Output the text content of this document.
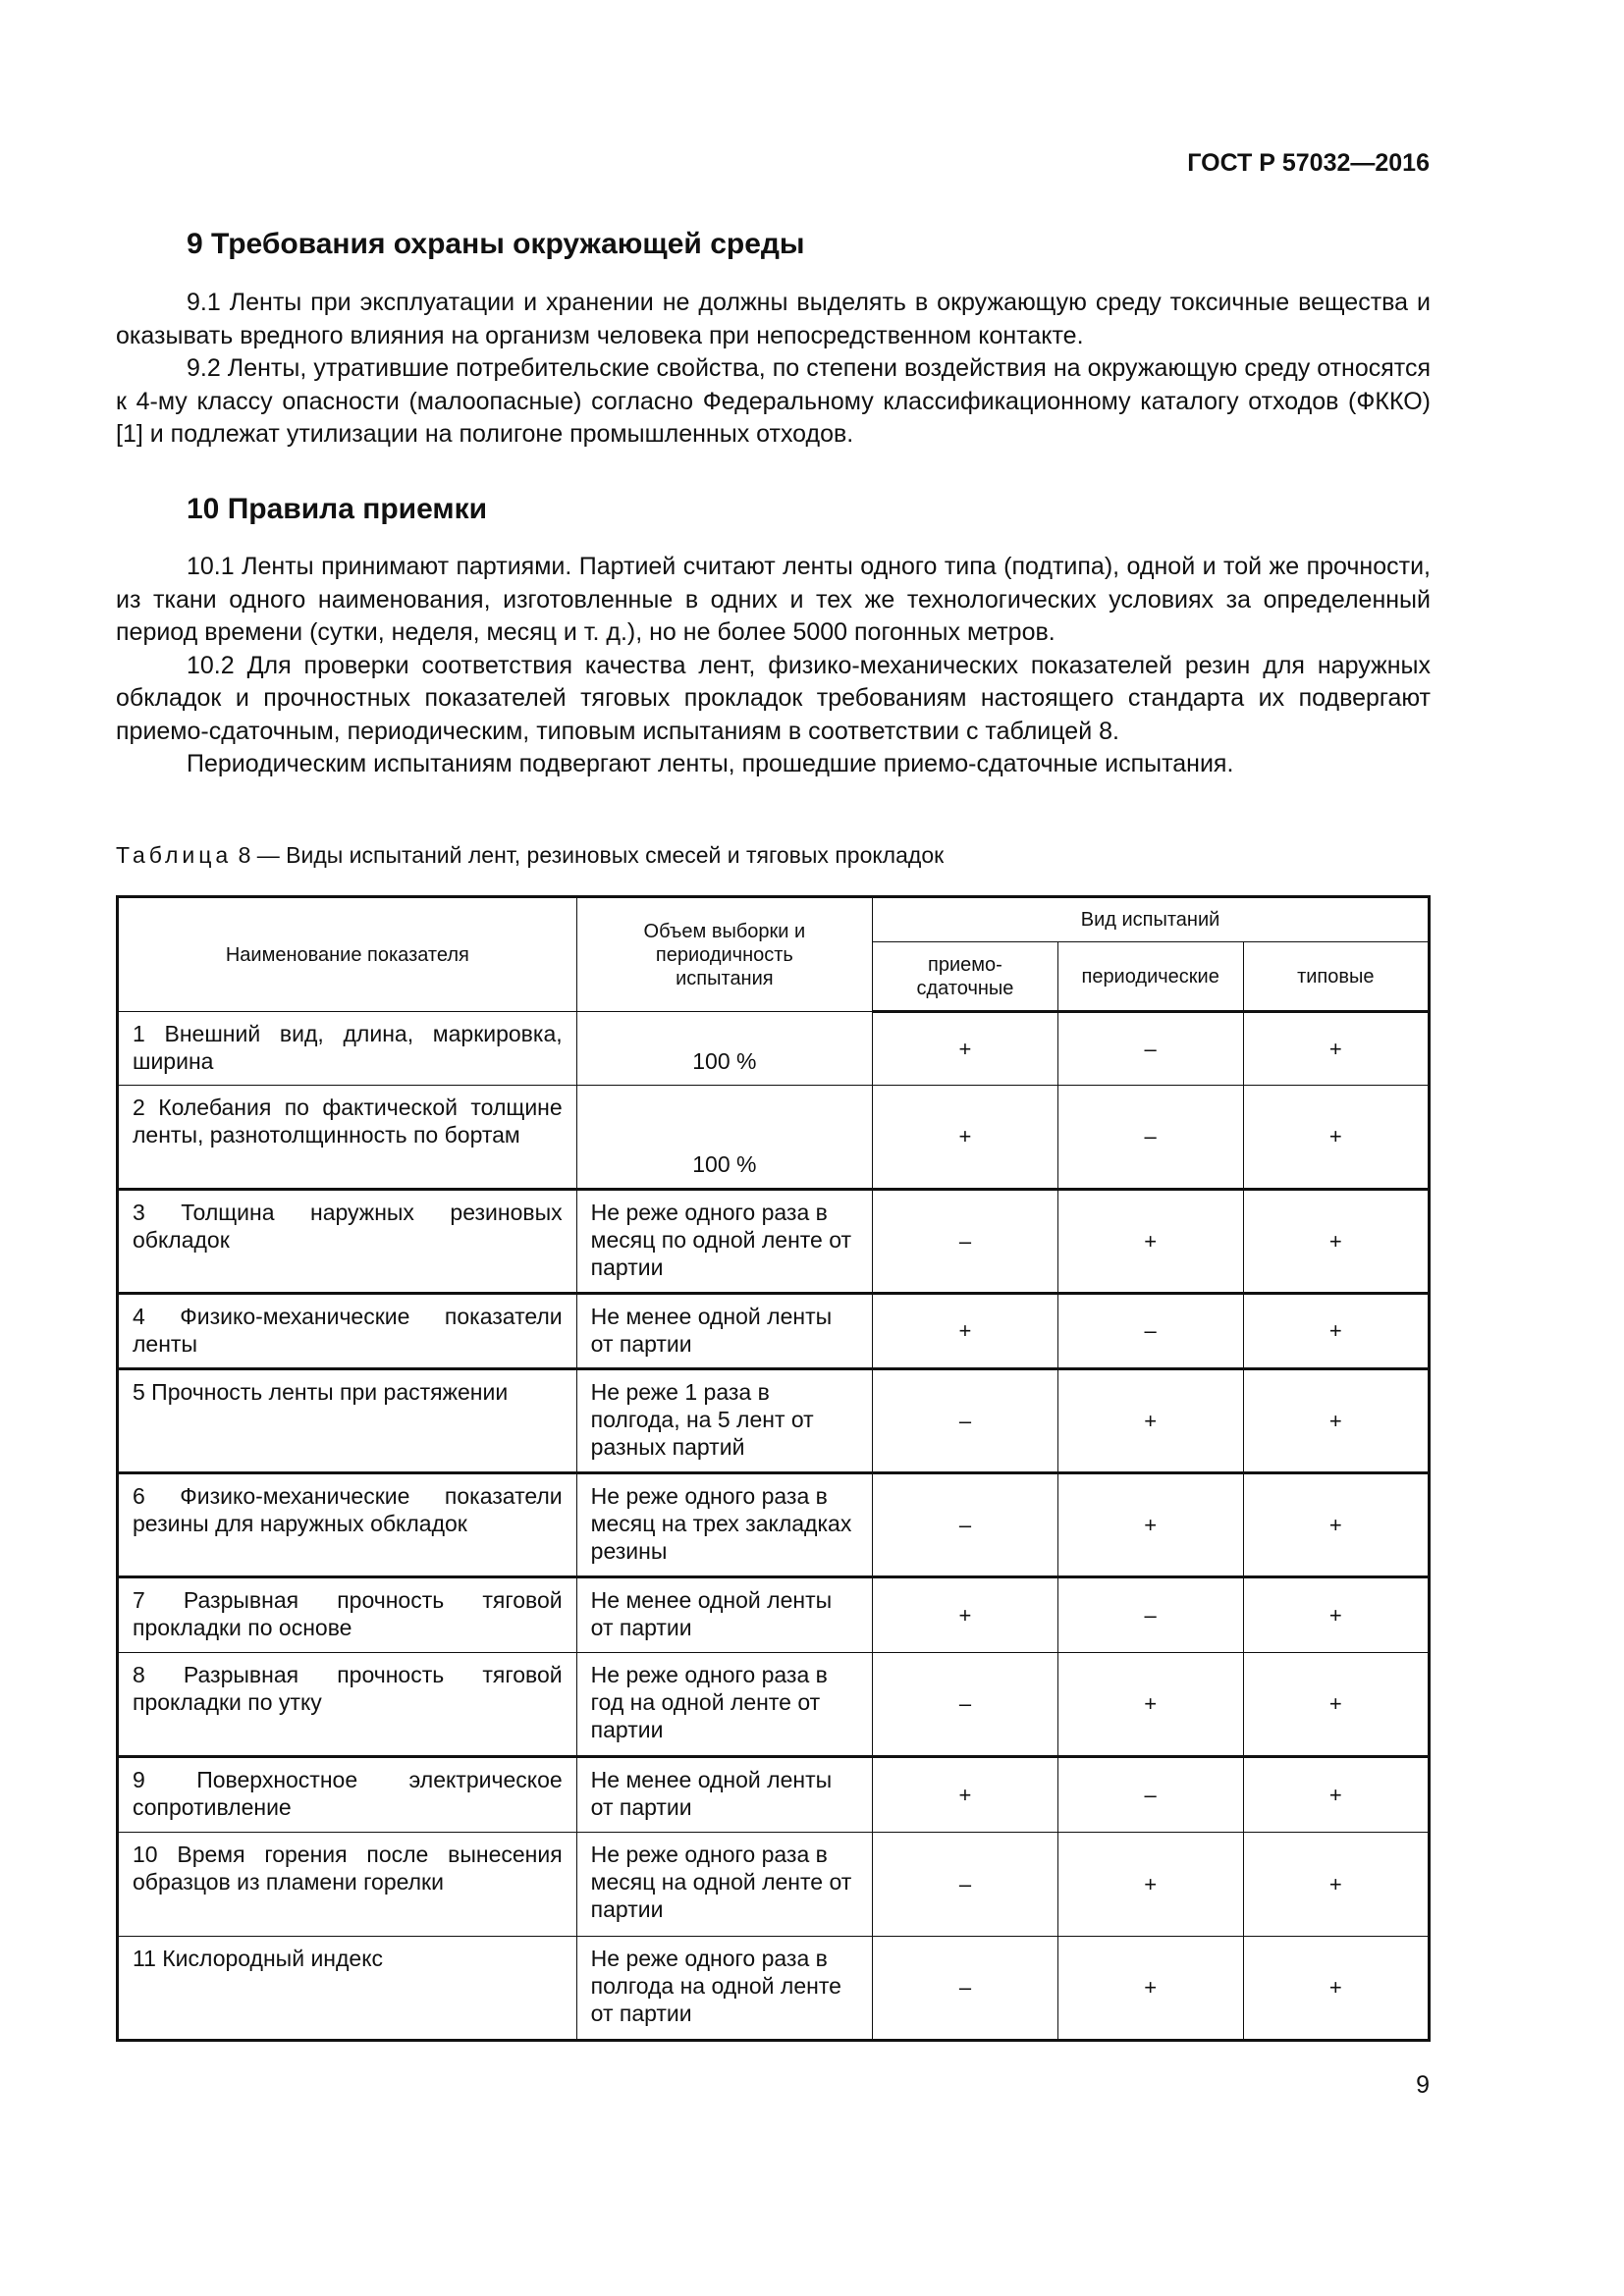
ГОСТ Р 57032—2016
9 Требования охраны окружающей среды

9.1 Ленты при эксплуатации и хранении не должны выделять в окружающую среду токсичные вещества и оказывать вредного влияния на организм человека при непосредственном контакте.

9.2 Ленты, утратившие потребительские свойства, по степени воздействия на окружающую среду относятся к 4-му классу опасности (малоопасные) согласно Федеральному классификационному каталогу отходов (ФККО) [1] и подлежат утилизации на полигоне промышленных отходов.

10 Правила приемки

10.1 Ленты принимают партиями. Партией считают ленты одного типа (подтипа), одной и той же прочности, из ткани одного наименования, изготовленные в одних и тех же технологических условиях за определенный период времени (сутки, неделя, месяц и т. д.), но не более 5000 погонных метров.

10.2 Для проверки соответствия качества лент, физико-механических показателей резин для наружных обкладок и прочностных показателей тяговых прокладок требованиям настоящего стандарта их подвергают приемо-сдаточным, периодическим, типовым испытаниям в соответствии с таблицей 8.

Периодическим испытаниям подвергают ленты, прошедшие приемо-сдаточные испытания.

Таблица 8 — Виды испытаний лент, резиновых смесей и тяговых прокладок
Наименование показателя	Объем выборки и периодичность испытания	Вид испытаний		
		приемо-сдаточные	периодические	типовые
1 Внешний вид, длина, маркировка, ширина	100 %	+	–	+
2 Колебания по фактической толщине ленты, разнотолщинность по бортам	100 %	+	–	+
3 Толщина наружных резиновых обкладок	Не реже одного раза в месяц по одной ленте от партии	–	+	+
4 Физико-механические показатели ленты	Не менее одной ленты от партии	+	–	+
5 Прочность ленты при растяжении	Не реже 1 раза в полгода, на 5 лент от разных партий	–	+	+
6 Физико-механические показатели резины для наружных обкладок	Не реже одного раза в месяц на трех закладках резины	–	+	+
7 Разрывная прочность тяговой прокладки по основе	Не менее одной ленты от партии	+	–	+
8 Разрывная прочность тяговой прокладки по утку	Не реже одного раза в год на одной ленте от партии	–	+	+
9 Поверхностное электрическое сопротивление	Не менее одной ленты от партии	+	–	+
10 Время горения после вынесения образцов из пламени горелки	Не реже одного раза в месяц на одной ленте от партии	–	+	+
11 Кислородный индекс	Не реже одного раза в полгода на одной ленте от партии	–	+	+
9
